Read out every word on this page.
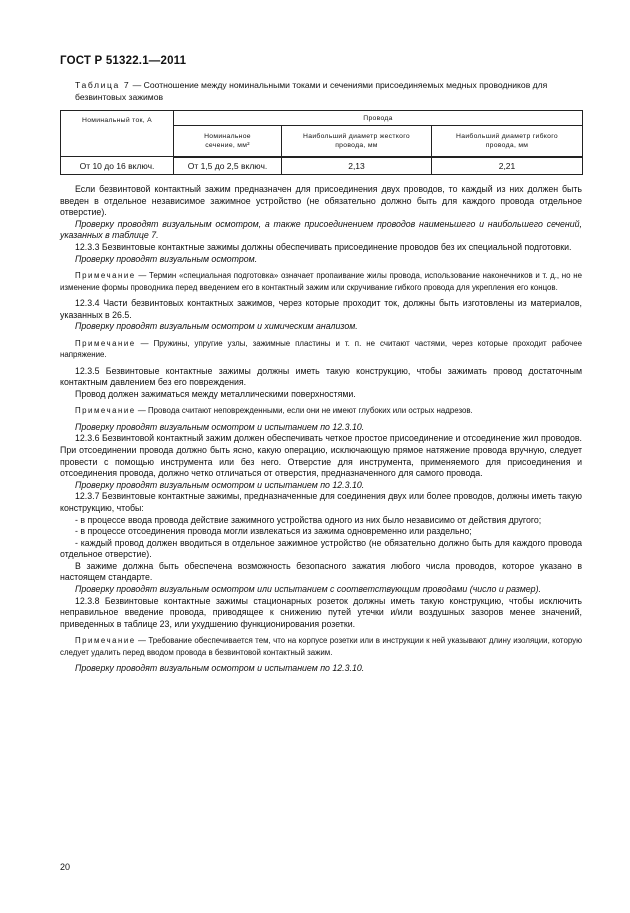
ГОСТ Р 51322.1—2011
Таблица 7 — Соотношение между номинальными токами и сечениями присоединяемых медных проводников для безвинтовых зажимов
Номинальный ток, А	Провода		
	Номинальное сечение, мм²	Наибольший диаметр жесткого провода, мм	Наибольший диаметр гибкого провода, мм
От 10 до 16 включ.	От 1,5 до 2,5 включ.	2,13	2,21

Если безвинтовой контактный зажим предназначен для присоединения двух проводов, то каждый из них должен быть введен в отдельное независимое зажимное устройство (не обязательно должно быть для каждого провода отдельное отверстие).

Проверку проводят визуальным осмотром, а также присоединением проводов наименьшего и наибольшего сечений, указанных в таблице 7.

12.3.3 Безвинтовые контактные зажимы должны обеспечивать присоединение проводов без их специальной подготовки.

Проверку проводят визуальным осмотром.

Примечание — Термин «специальная подготовка» означает пропаивание жилы провода, использование наконечников и т. д., но не изменение формы проводника перед введением его в контактный зажим или скручивание гибкого провода для укрепления его концов.

12.3.4 Части безвинтовых контактных зажимов, через которые проходит ток, должны быть изготовлены из материалов, указанных в 26.5.

Проверку проводят визуальным осмотром и химическим анализом.

Примечание — Пружины, упругие узлы, зажимные пластины и т. п. не считают частями, через которые проходит рабочее напряжение.

12.3.5 Безвинтовые контактные зажимы должны иметь такую конструкцию, чтобы зажимать провод достаточным контактным давлением без его повреждения.

Провод должен зажиматься между металлическими поверхностями.

Примечание — Провода считают неповрежденными, если они не имеют глубоких или острых надрезов.

Проверку проводят визуальным осмотром и испытанием по 12.3.10.

12.3.6 Безвинтовой контактный зажим должен обеспечивать четкое простое присоединение и отсоединение жил проводов. При отсоединении провода должно быть ясно, какую операцию, исключающую прямое натяжение провода вручную, следует провести с помощью инструмента или без него. Отверстие для инструмента, применяемого для присоединения и отсоединения провода, должно четко отличаться от отверстия, предназначенного для самого провода.

Проверку проводят визуальным осмотром и испытанием по 12.3.10.

12.3.7 Безвинтовые контактные зажимы, предназначенные для соединения двух или более проводов, должны иметь такую конструкцию, чтобы:

- в процессе ввода провода действие зажимного устройства одного из них было независимо от действия другого;

- в процессе отсоединения провода могли извлекаться из зажима одновременно или раздельно;

- каждый провод должен вводиться в отдельное зажимное устройство (не обязательно должно быть для каждого провода отдельное отверстие).

В зажиме должна быть обеспечена возможность безопасного зажатия любого числа проводов, которое указано в настоящем стандарте.

Проверку проводят визуальным осмотром или испытанием с соответствующим проводами (число и размер).

12.3.8 Безвинтовые контактные зажимы стационарных розеток должны иметь такую конструкцию, чтобы исключить неправильное введение провода, приводящее к снижению путей утечки и/или воздушных зазоров менее значений, приведенных в таблице 23, или ухудшению функционирования розетки.

Примечание — Требование обеспечивается тем, что на корпусе розетки или в инструкции к ней указывают длину изоляции, которую следует удалить перед вводом провода в безвинтовой контактный зажим.

Проверку проводят визуальным осмотром и испытанием по 12.3.10.

20
